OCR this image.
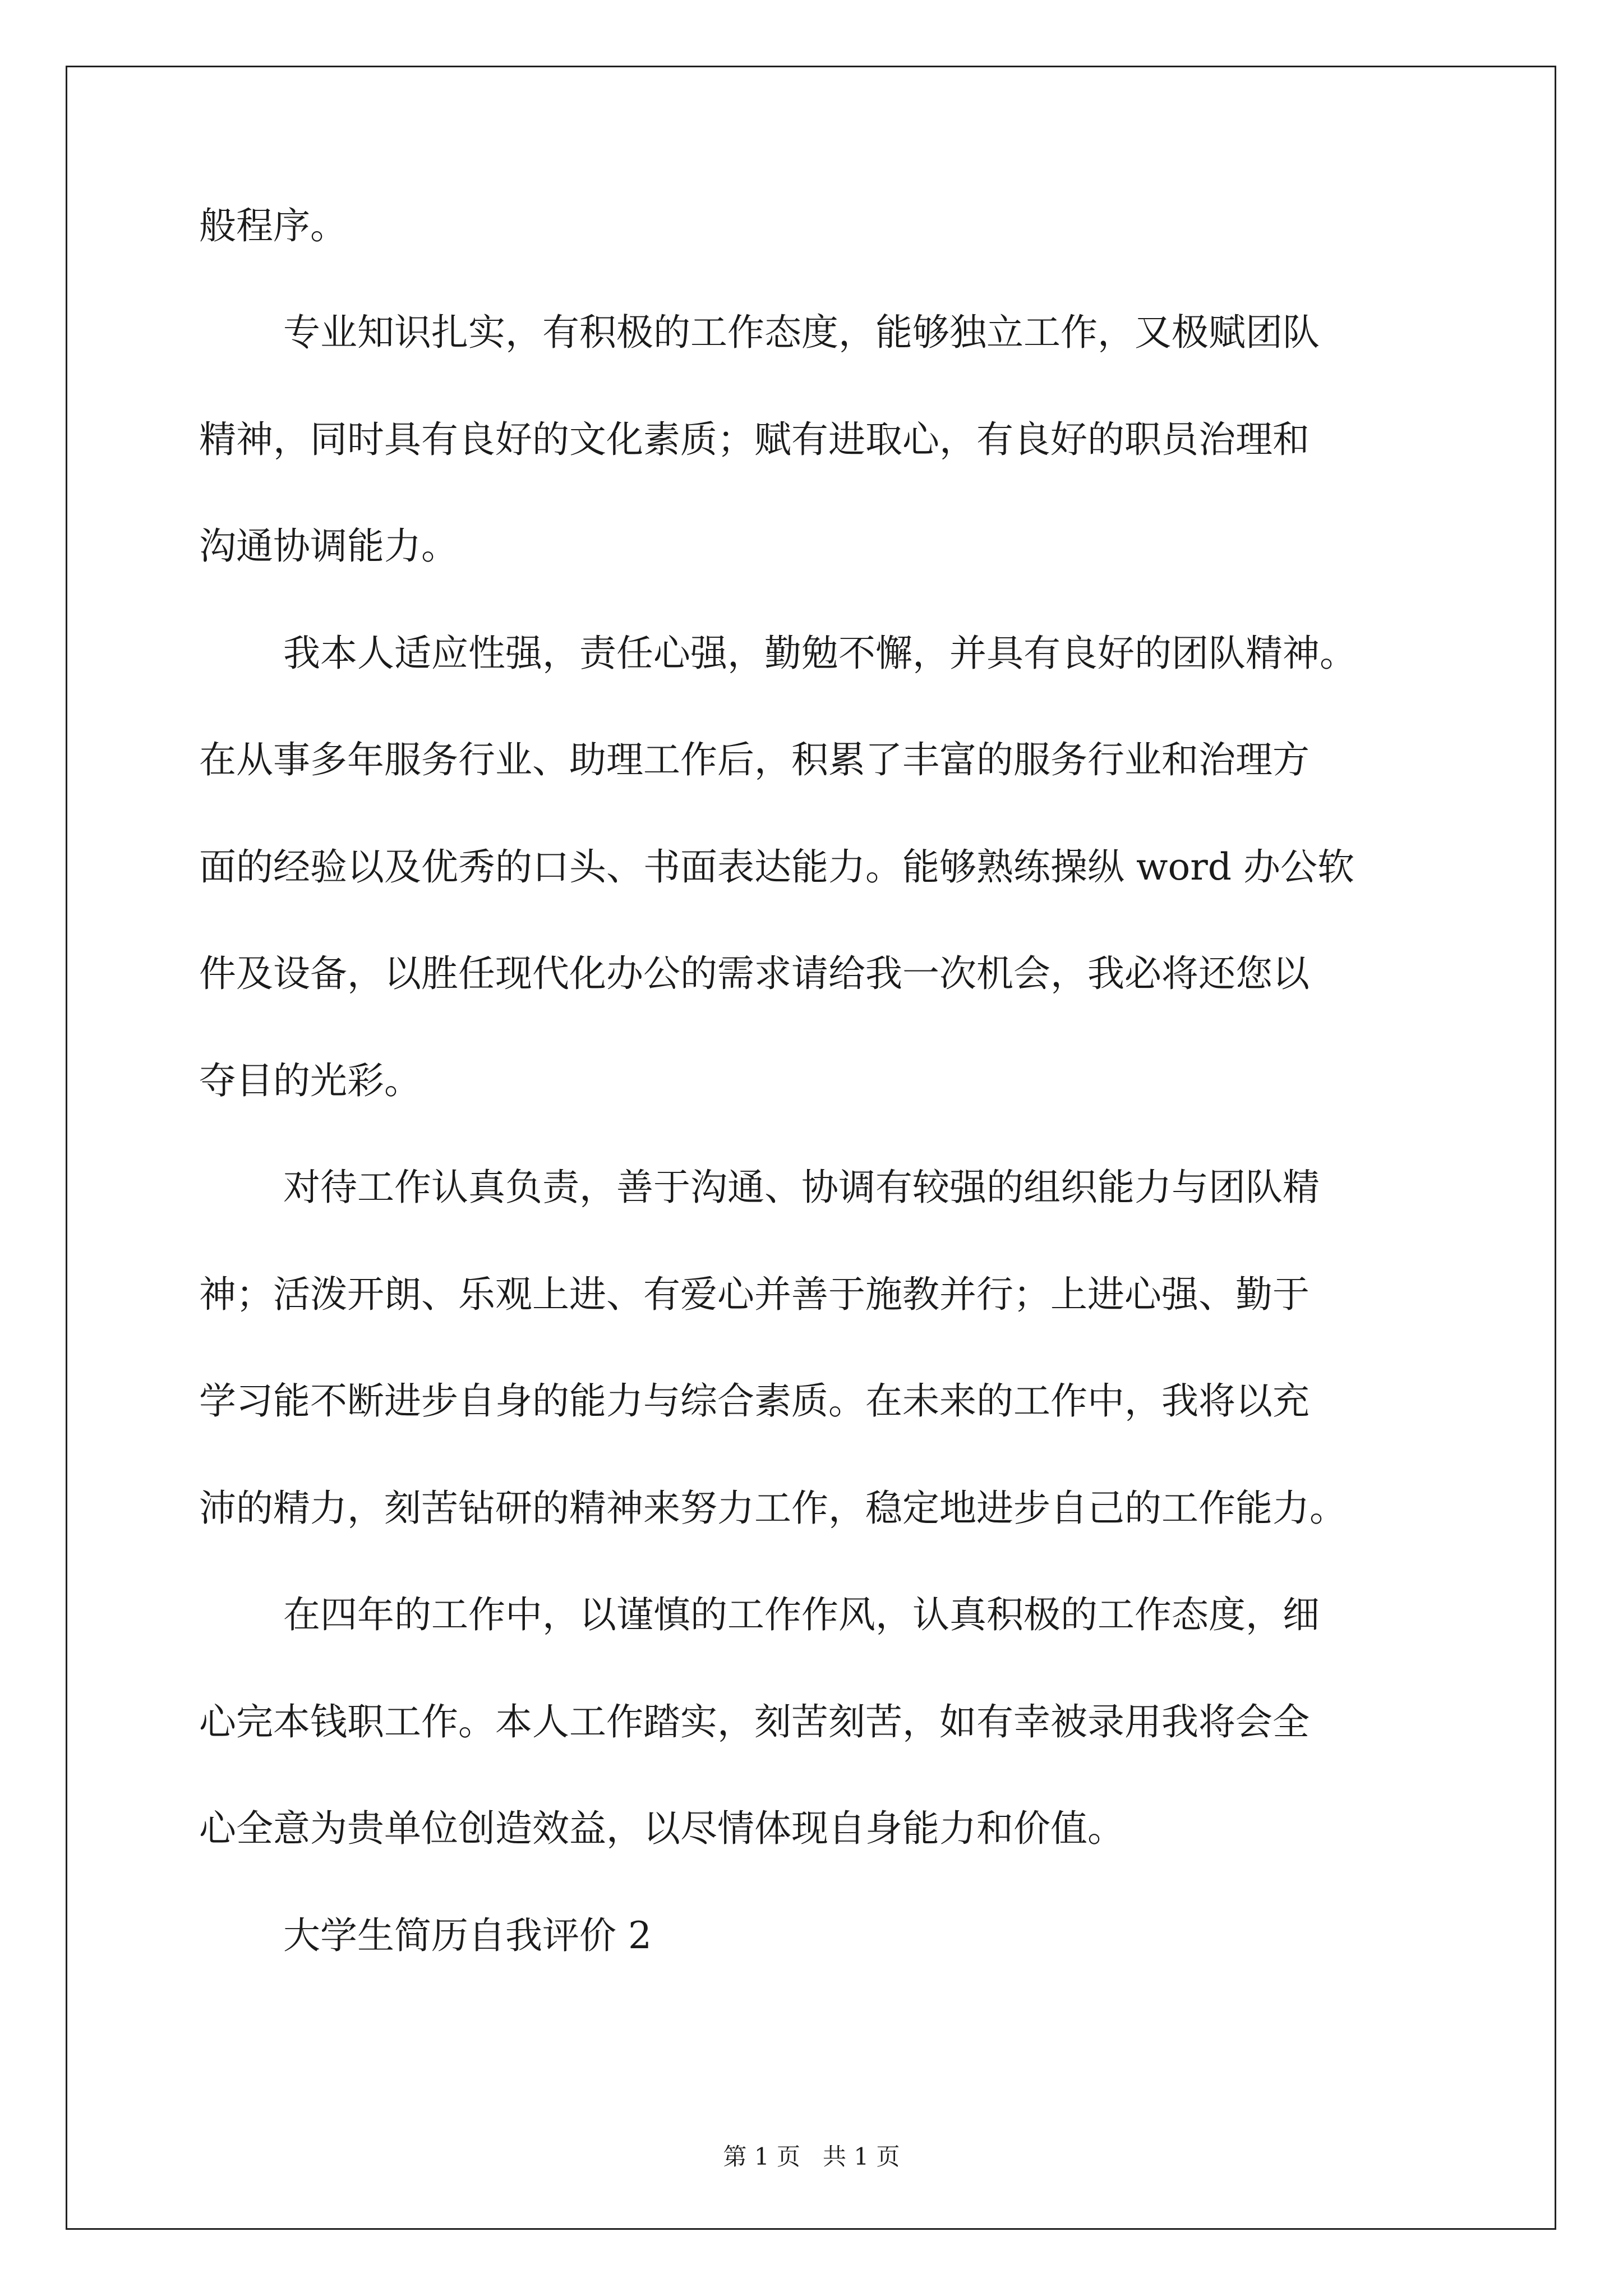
般程序。
专业知识扎实，有积极的工作态度，能够独立工作，又极赋团队
精神，同时具有良好的文化素质；赋有进取心，有良好的职员治理和
沟通协调能力。
我本人适应性强，责任心强，勤勉不懈，并具有良好的团队精神。
在从事多年服务行业、助理工作后，积累了丰富的服务行业和治理方
面的经验以及优秀的口头、书面表达能力。能够熟练操纵 word 办公软
件及设备，以胜任现代化办公的需求请给我一次机会，我必将还您以
夺目的光彩。
对待工作认真负责，善于沟通、协调有较强的组织能力与团队精
神；活泼开朗、乐观上进、有爱心并善于施教并行；上进心强、勤于
学习能不断进步自身的能力与综合素质。在未来的工作中，我将以充
沛的精力，刻苦钻研的精神来努力工作，稳定地进步自己的工作能力。
在四年的工作中，以谨慎的工作作风，认真积极的工作态度，细
心完本钱职工作。本人工作踏实，刻苦刻苦，如有幸被录用我将会全
心全意为贵单位创造效益，以尽情体现自身能力和价值。
大学生简历自我评价 2
第 1 页   共 1 页
